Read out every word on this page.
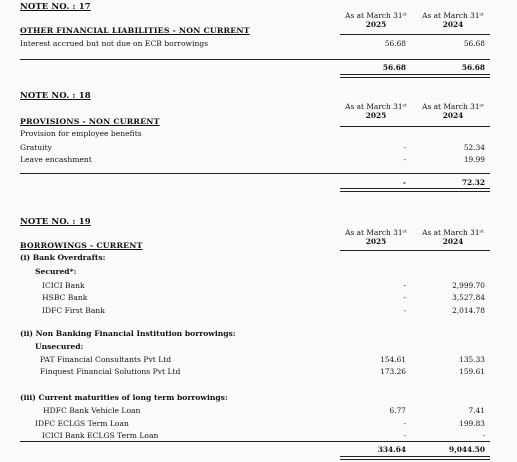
NOTE NO. : 17
As at March 31ˢᵗ
2025
As at March 31ˢᵗ
2024
OTHER FINANCIAL LIABILITIES - NON CURRENT
Interest accrued but not due on ECB borrowings	56.68	56.68
56.68	56.68
NOTE NO. : 18
As at March 31ˢᵗ
2025
As at March 31ˢᵗ
2024
PROVISIONS - NON CURRENT
Provision for employee benefits
Gratuity	-	52.34
Leave encashment	-	19.99
-	72.32
NOTE NO. : 19
As at March 31ˢᵗ
2025
As at March 31ˢᵗ
2024
BORROWINGS - CURRENT
(i) Bank Overdrafts:
Secured*:
ICICI Bank	-	2,999.70
HSBC Bank	-	3,527.84
IDFC First Bank	-	2,014.78
(ii) Non Banking Financial Institution borrowings:
Unsecured:
PAT Financial Consultants Pvt Ltd	154.61	135.33
Finquest Financial Solutions Pvt Ltd	173.26	159.61
(iii) Current maturities of long term borrowings:
HDFC Bank Vehicle Loan	6.77	7.41
IDFC ECLGS Term Loan	-	199.83
ICICI Bank ECLGS Term Loan	-	-
334.64	9,044.50
